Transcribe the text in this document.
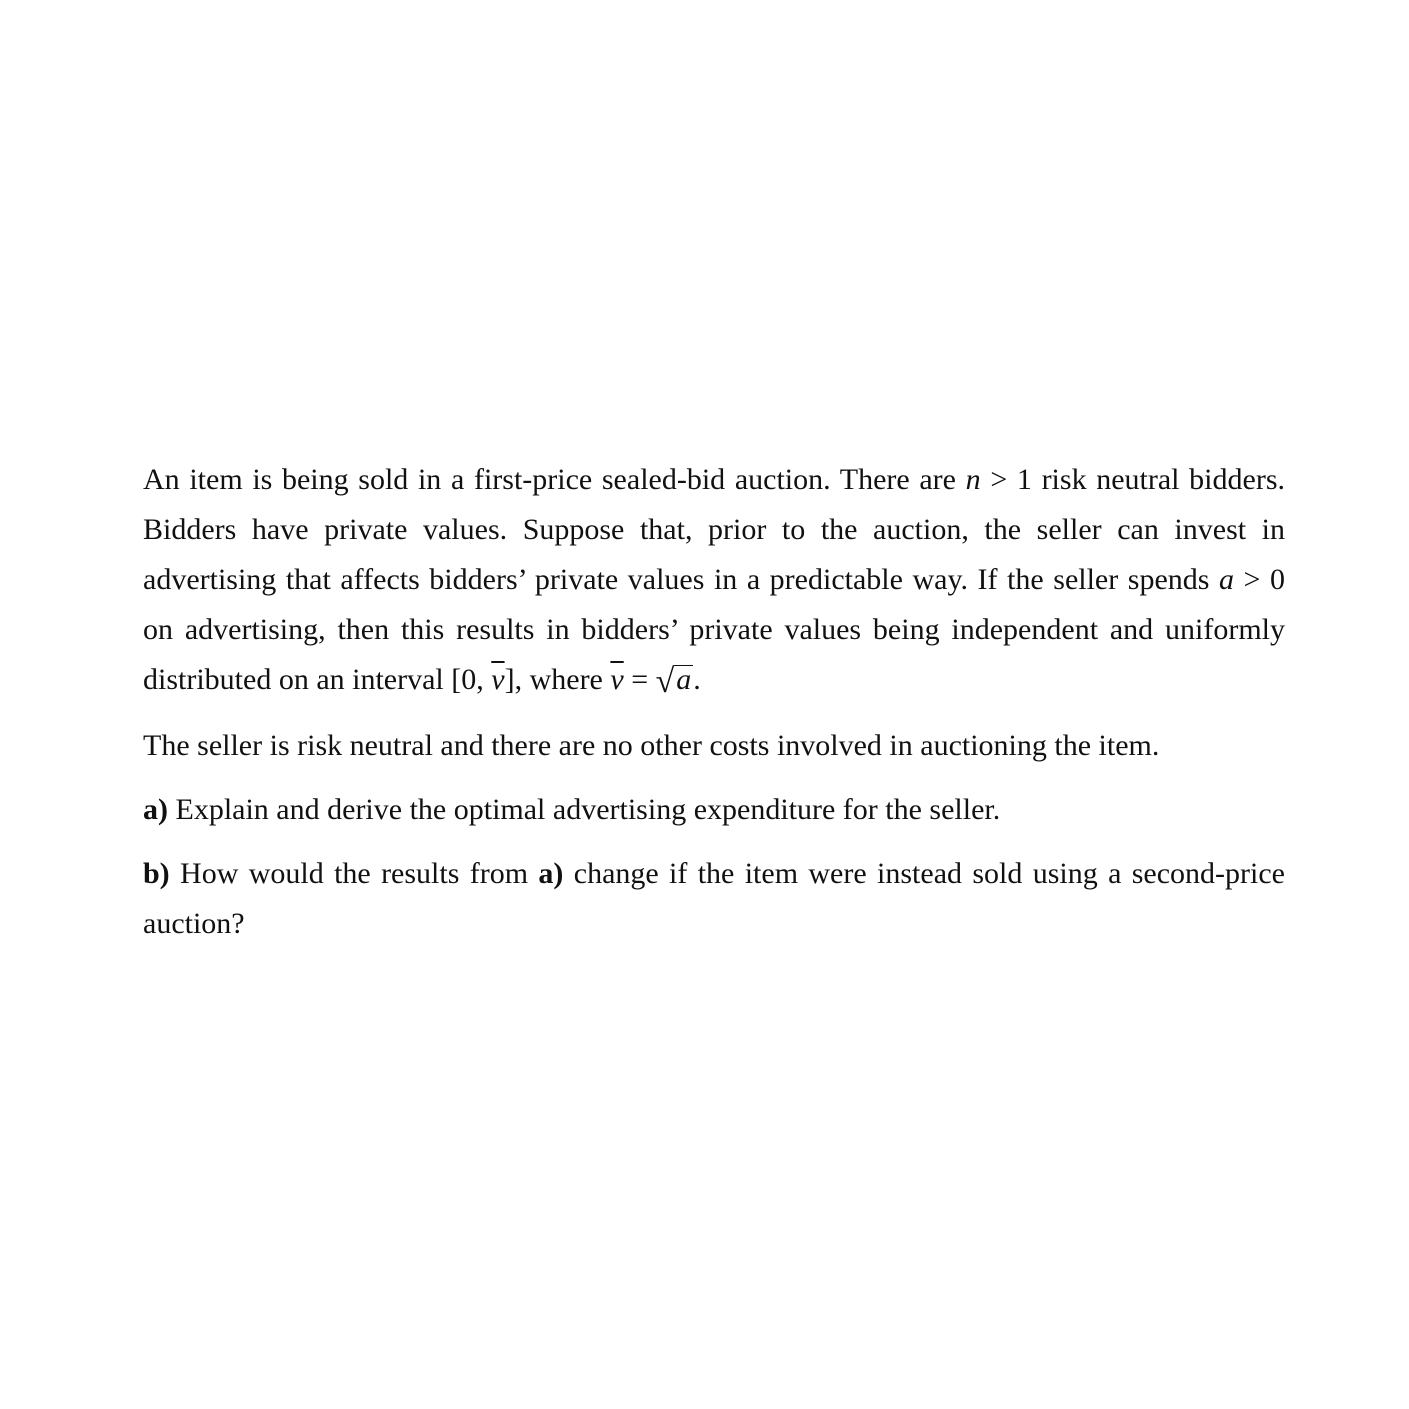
An item is being sold in a first-price sealed-bid auction. There are n > 1 risk neutral bidders. Bidders have private values. Suppose that, prior to the auction, the seller can invest in advertising that affects bidders’ private values in a predictable way. If the seller spends a > 0 on advertising, then this results in bidders’ private values being independent and uniformly distributed on an interval [0, $\overline{v}$], where $\overline{v} = √a$.

The seller is risk neutral and there are no other costs involved in auctioning the item.

a) Explain and derive the optimal advertising expenditure for the seller.

b) How would the results from a) change if the item were instead sold using a second-price auction?
